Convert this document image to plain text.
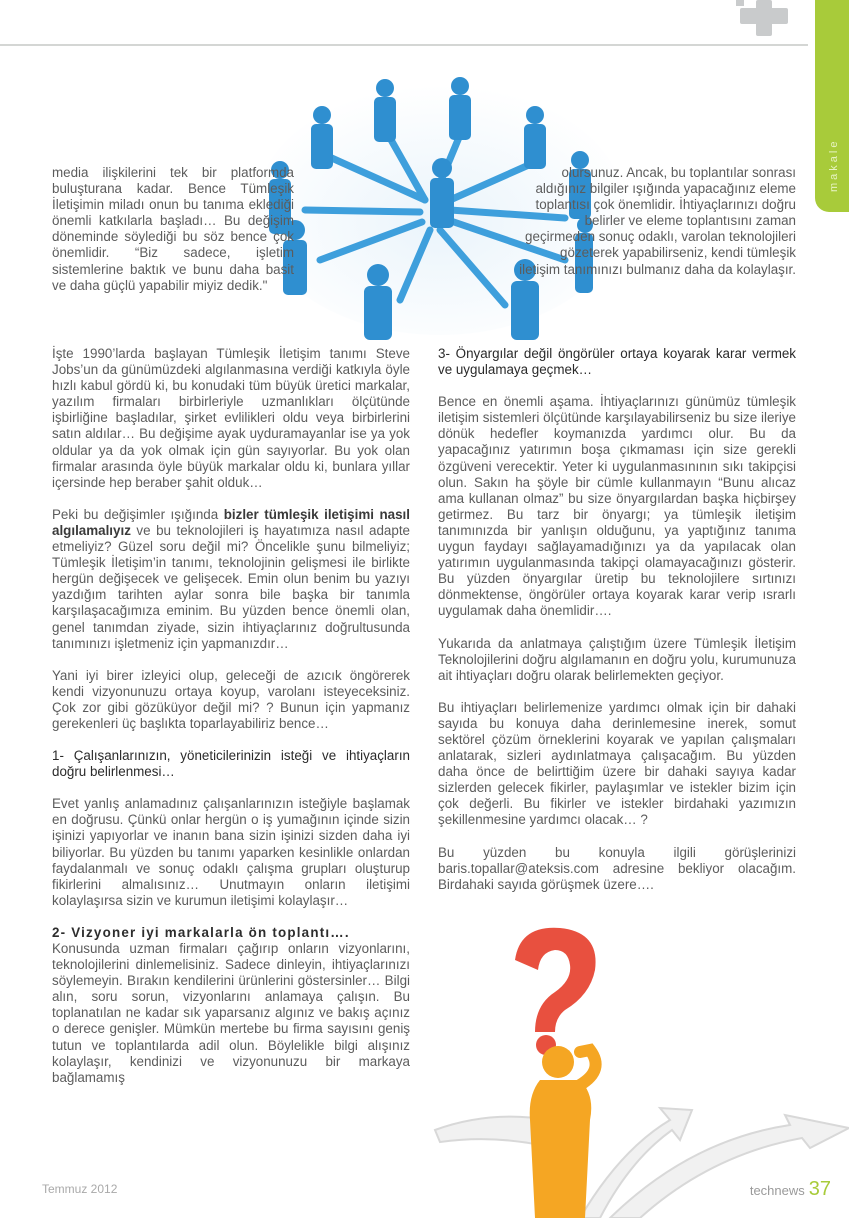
makale
media ilişkilerini tek bir platformda buluşturana kadar. Bence Tümleşik İletişimin miladı onun bu tanıma eklediği önemli katkılarla başladı… Bu değişim döneminde söylediği bu söz bence çok önemlidir. “Biz sadece, işletim sistemlerine baktık ve bunu daha basit ve daha güçlü yapabilir miyiz dedik."
olursunuz. Ancak, bu toplantılar sonrası aldığınız bilgiler ışığında yapacağınız eleme toplantısı çok önemlidir. İhtiyaçlarınızı doğru belirler ve eleme toplantısını zaman geçirmeden sonuç odaklı, varolan teknolojileri gözeterek yapabilirseniz, kendi tümleşik iletişim tanımınızı bulmanız daha da kolaylaşır.

İşte 1990’larda başlayan Tümleşik İletişim tanımı Steve Jobs’un da günümüzdeki algılanmasına verdiği katkıyla öyle hızlı kabul gördü ki, bu konudaki tüm büyük üretici markalar, yazılım firmaları birbirleriyle uzmanlıkları ölçütünde işbirliğine başladılar, şirket evlilikleri oldu veya birbirlerini satın aldılar… Bu değişime ayak uyduramayanlar ise ya yok oldular ya da yok olmak için gün sayıyorlar. Bu yok olan firmalar arasında öyle büyük markalar oldu ki, bunlara yıllar içersinde hep beraber şahit olduk…

Peki bu değişimler ışığında bizler tümleşik iletişimi nasıl algılamalıyız ve bu teknolojileri iş hayatımıza nasıl adapte etmeliyiz? Güzel soru değil mi? Öncelikle şunu bilmeliyiz; Tümleşik İletişim’in tanımı, teknolojinin gelişmesi ile birlikte hergün değişecek ve gelişecek. Emin olun benim bu yazıyı yazdığım tarihten aylar sonra bile başka bir tanımla karşılaşacağımıza eminim. Bu yüzden bence önemli olan, genel tanımdan ziyade, sizin ihtiyaçlarınız doğrultusunda tanımınızı işletmeniz için yapmanızdır…

Yani iyi birer izleyici olup, geleceği de azıcık öngörerek kendi vizyonunuzu ortaya koyup, varolanı isteyeceksiniz. Çok zor gibi gözüküyor değil mi? ? Bunun için yapmanız gerekenleri üç başlıkta toparlayabiliriz bence…

1- Çalışanlarınızın, yöneticilerinizin isteği ve ihtiyaçların doğru belirlenmesi…

Evet yanlış anlamadınız çalışanlarınızın isteğiyle başlamak en doğrusu. Çünkü onlar hergün o iş yumağının içinde sizin işinizi yapıyorlar ve inanın bana sizin işinizi sizden daha iyi biliyorlar. Bu yüzden bu tanımı yaparken kesinlikle onlardan faydalanmalı ve sonuç odaklı çalışma grupları oluşturup fikirlerini almalısınız… Unutmayın onların iletişimi kolaylaşırsa sizin ve kurumun iletişimi kolaylaşır…

2- Vizyoner iyi markalarla ön toplantı….

Konusunda uzman firmaları çağırıp onların vizyonlarını, teknolojilerini dinlemelisiniz. Sadece dinleyin, ihtiyaçlarınızı söylemeyin. Bırakın kendilerini ürünlerini göstersinler… Bilgi alın, soru sorun, vizyonlarını anlamaya çalışın. Bu toplanatılan ne kadar sık yaparsanız algınız ve bakış açınız o derece genişler. Mümkün mertebe bu firma sayısını geniş tutun ve toplantılarda adil olun. Böylelikle bilgi alışınız kolaylaşır, kendinizi ve vizyonunuzu bir markaya bağlamamış

3- Önyargılar değil öngörüler ortaya koyarak karar vermek ve uygulamaya geçmek…

Bence en önemli aşama. İhtiyaçlarınızı günümüz tümleşik iletişim sistemleri ölçütünde karşılayabilirseniz bu size ileriye dönük hedefler koymanızda yardımcı olur. Bu da yapacağınız yatırımın boşa çıkmaması için size gerekli özgüveni verecektir. Yeter ki uygulanmasınının sıkı takipçisi olun. Sakın ha şöyle bir cümle kullanmayın “Bunu alıcaz ama kullanan olmaz” bu size önyargılardan başka hiçbirşey getirmez. Bu tarz bir önyargı; ya tümleşik iletişim tanımınızda bir yanlışın olduğunu, ya yaptığınız tanıma uygun faydayı sağlayamadığınızı ya da yapılacak olan yatırımın uygulanmasında takipçi olamayacağınızı gösterir. Bu yüzden önyargılar üretip bu teknolojilere sırtınızı dönmektense, öngörüler ortaya koyarak karar verip ısrarlı uygulamak daha önemlidir….

Yukarıda da anlatmaya çalıştığım üzere Tümleşik İletişim Teknolojilerini doğru algılamanın en doğru yolu, kurumunuza ait ihtiyaçları doğru olarak belirlemekten geçiyor.

Bu ihtiyaçları belirlemenize yardımcı olmak için bir dahaki sayıda bu konuya daha derinlemesine inerek, somut sektörel çözüm örneklerini koyarak ve yapılan çalışmaları anlatarak, sizleri aydınlatmaya çalışacağım. Bu yüzden daha önce de belirttiğim üzere bir dahaki sayıya kadar sizlerden gelecek fikirler, paylaşımlar ve istekler bizim için çok değerli. Bu fikirler ve istekler birdahaki yazımızın şekillenmesine yardımcı olacak… ?

Bu yüzden bu konuyla ilgili görüşlerinizi baris.topallar@ateksis.com adresine bekliyor olacağım. Birdahaki sayıda görüşmek üzere….

Temmuz 2012	technews 37
